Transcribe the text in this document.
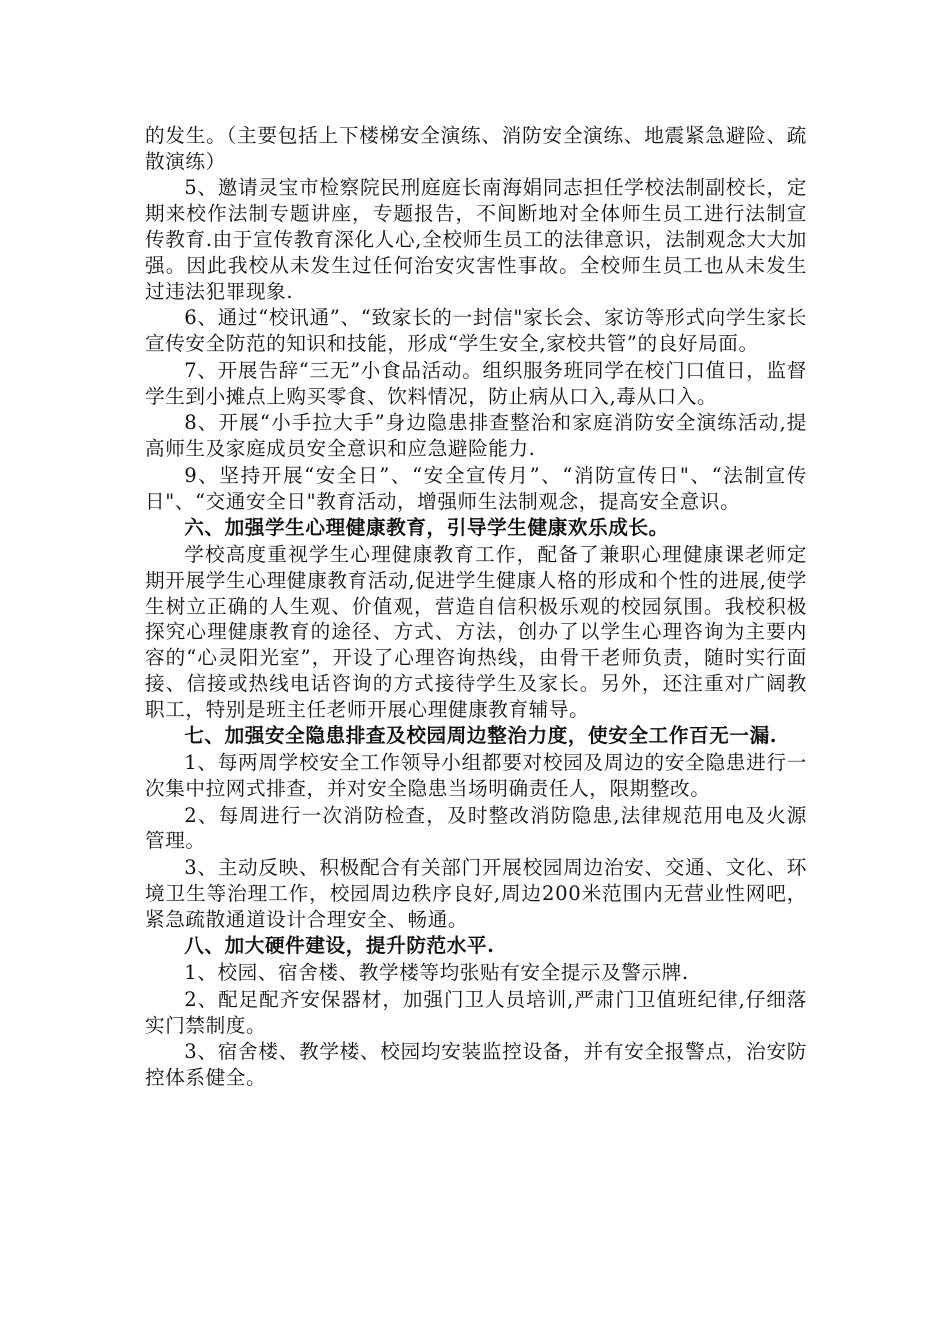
的发生。（主要包括上下楼梯安全演练、消防安全演练、地震紧急避险、疏散演练）

5、邀请灵宝市检察院民刑庭庭长南海娟同志担任学校法制副校长，定期来校作法制专题讲座，专题报告，不间断地对全体师生员工进行法制宣传教育.由于宣传教育深化人心,全校师生员工的法律意识，法制观念大大加强。因此我校从未发生过任何治安灾害性事故。全校师生员工也从未发生过违法犯罪现象.

6、通过“校讯通”、“致家长的一封信"家长会、家访等形式向学生家长宣传安全防范的知识和技能，形成“学生安全,家校共管”的良好局面。

7、开展告辞“三无”小食品活动。组织服务班同学在校门口值日，监督学生到小摊点上购买零食、饮料情况，防止病从口入,毒从口入。

8、开展“小手拉大手”身边隐患排查整治和家庭消防安全演练活动,提高师生及家庭成员安全意识和应急避险能力.

9、坚持开展“安全日”、“安全宣传月”、“消防宣传日"、“法制宣传日"、“交通安全日"教育活动，增强师生法制观念，提高安全意识。

六、加强学生心理健康教育，引导学生健康欢乐成长。

学校高度重视学生心理健康教育工作，配备了兼职心理健康课老师定期开展学生心理健康教育活动,促进学生健康人格的形成和个性的进展,使学生树立正确的人生观、价值观，营造自信积极乐观的校园氛围。我校积极探究心理健康教育的途径、方式、方法，创办了以学生心理咨询为主要内容的“心灵阳光室”，开设了心理咨询热线，由骨干老师负责，随时实行面接、信接或热线电话咨询的方式接待学生及家长。另外，还注重对广阔教职工，特别是班主任老师开展心理健康教育辅导。

七、加强安全隐患排查及校园周边整治力度，使安全工作百无一漏.

1、每两周学校安全工作领导小组都要对校园及周边的安全隐患进行一次集中拉网式排查，并对安全隐患当场明确责任人，限期整改。

2、每周进行一次消防检查，及时整改消防隐患,法律规范用电及火源管理。

3、主动反映、积极配合有关部门开展校园周边治安、交通、文化、环境卫生等治理工作，校园周边秩序良好,周边200米范围内无营业性网吧，紧急疏散通道设计合理安全、畅通。

八、加大硬件建设，提升防范水平.

1、校园、宿舍楼、教学楼等均张贴有安全提示及警示牌.

2、配足配齐安保器材，加强门卫人员培训,严肃门卫值班纪律,仔细落实门禁制度。

3、宿舍楼、教学楼、校园均安装监控设备，并有安全报警点，治安防控体系健全。
